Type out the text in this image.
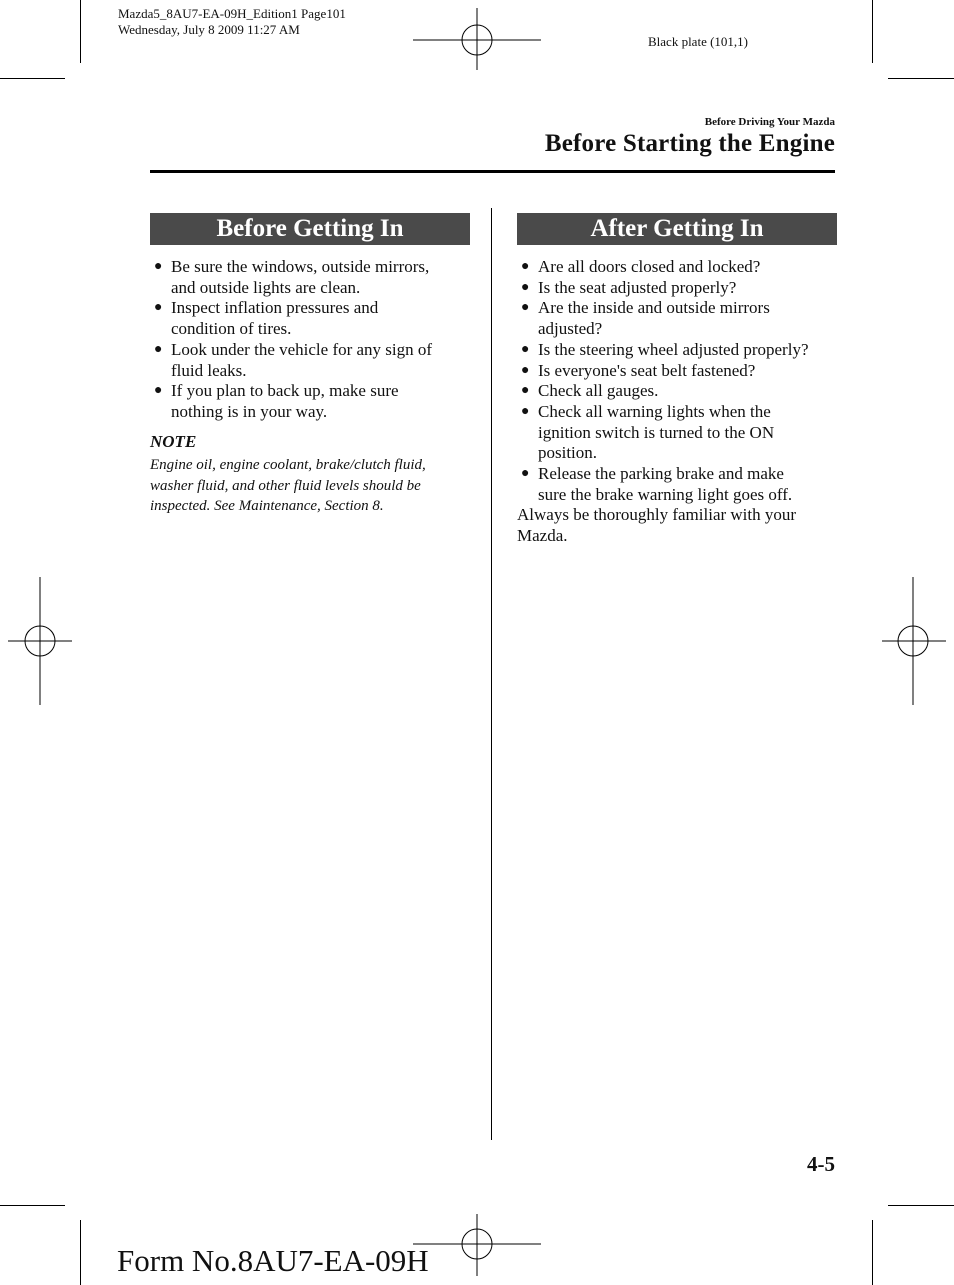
Mazda5_8AU7-EA-09H_Edition1 Page101
Wednesday, July 8 2009 11:27 AM
Black plate (101,1)
Before Driving Your Mazda
Before Starting the Engine
Before Getting In
● Be sure the windows, outside mirrors,
and outside lights are clean.
● Inspect inflation pressures and
condition of tires.
● Look under the vehicle for any sign of
fluid leaks.
● If you plan to back up, make sure
nothing is in your way.
NOTE
Engine oil, engine coolant, brake/clutch fluid,
washer fluid, and other fluid levels should be
inspected. See Maintenance, Section 8.
After Getting In
● Are all doors closed and locked?
● Is the seat adjusted properly?
● Are the inside and outside mirrors
adjusted?
● Is the steering wheel adjusted properly?
● Is everyone's seat belt fastened?
● Check all gauges.
● Check all warning lights when the
ignition switch is turned to the ON
position.
● Release the parking brake and make
sure the brake warning light goes off.
Always be thoroughly familiar with your
Mazda.
4-5
Form No.8AU7-EA-09H
